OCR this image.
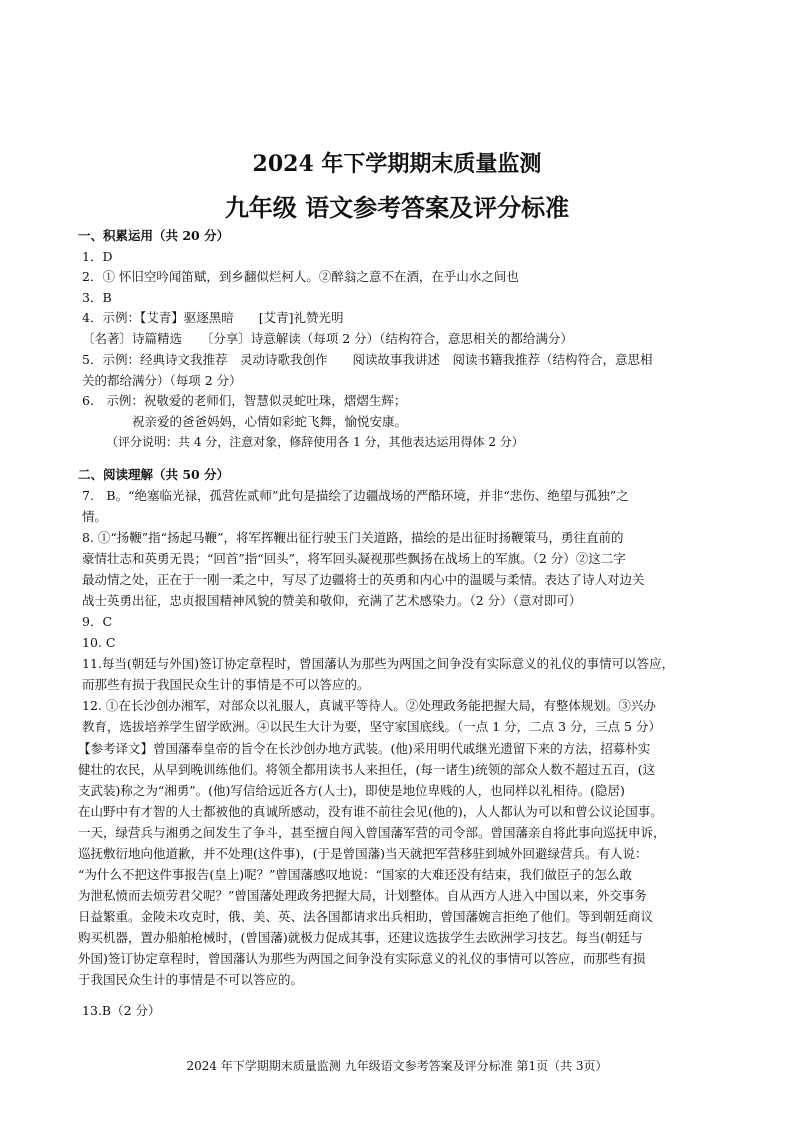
2024 年下学期期末质量监测
九年级 语文参考答案及评分标准
一、积累运用（共 20 分）
1．D
2．① 怀旧空吟闻笛赋，到乡翻似烂柯人。②醉翁之意不在酒，在乎山水之间也
3．B
4．示例：【艾青】驱逐黑暗　　[艾青]礼赞光明
〔名著〕诗篇精选　　〔分享〕诗意解读（每项 2 分）（结构符合，意思相关的都给满分）
5．示例：经典诗文我推荐　灵动诗歌我创作　　阅读故事我讲述　阅读书籍我推荐（结构符合，意思相
关的都给满分）（每项 2 分）
6.　示例：祝敬爱的老师们，智慧似灵蛇吐珠，熠熠生辉；
祝亲爱的爸爸妈妈，心情如彩蛇飞舞，愉悦安康。
（评分说明：共 4 分，注意对象，修辞使用各 1 分，其他表达运用得体 2 分）
二、阅读理解（共 50 分）
7.　B。“绝塞临光禄，孤营佐贰师”此句是描绘了边疆战场的严酷环境，并非“悲伤、绝望与孤独”之
情。
8. ①“扬鞭”指“扬起马鞭”，将军挥鞭出征行驶玉门关道路，描绘的是出征时扬鞭策马，勇往直前的
豪情壮志和英勇无畏；“回首”指“回头”，将军回头凝视那些飘扬在战场上的军旗。（2 分）②这二字
最动情之处，正在于一刚一柔之中，写尽了边疆将士的英勇和内心中的温暖与柔情。表达了诗人对边关
战士英勇出征，忠贞报国精神风貌的赞美和敬仰，充满了艺术感染力。（2 分）（意对即可）
9．C
10. C
11.每当(朝廷与外国)签订协定章程时，曾国藩认为那些为两国之间争没有实际意义的礼仪的事情可以答应，
而那些有损于我国民众生计的事情是不可以答应的。
12. ①在长沙创办湘军，对部众以礼服人，真诚平等待人。②处理政务能把握大局，有整体规划。③兴办
教育，选拔培养学生留学欧洲。④以民生大计为要，坚守家国底线。（一点 1 分，二点 3 分，三点 5 分）
【参考译文】曾国藩奉皇帝的旨令在长沙创办地方武装。(他)采用明代戚继光遗留下来的方法，招募朴实
健壮的农民，从早到晚训练他们。将领全都用读书人来担任，(每一诸生)统领的部众人数不超过五百，(这
支武装)称之为“湘勇”。(他)写信给远近各方(人士)，即使是地位卑贱的人，也同样以礼相待。(隐居)
在山野中有才智的人士都被他的真诚所感动，没有谁不前往会见(他的)，人人都认为可以和曾公议论国事。
一天，绿营兵与湘勇之间发生了争斗，甚至擅自闯入曾国藩军营的司令部。曾国藩亲自将此事向巡抚申诉，
巡抚敷衍地向他道歉，并不处理(这件事)，(于是曾国藩)当天就把军营移驻到城外回避绿营兵。有人说：
“为什么不把这件事报告(皇上)呢？”曾国藩感叹地说：“国家的大难还没有结束，我们做臣子的怎么敢
为泄私愤而去烦劳君父呢？”曾国藩处理政务把握大局，计划整体。自从西方人进入中国以来，外交事务
日益繁重。金陵未攻克时，俄、美、英、法各国都请求出兵相助，曾国藩婉言拒绝了他们。等到朝廷商议
购买机器，置办船舶枪械时，(曾国藩)就极力促成其事，还建议选拔学生去欧洲学习技艺。每当(朝廷与
外国)签订协定章程时，曾国藩认为那些为两国之间争没有实际意义的礼仪的事情可以答应，而那些有损
于我国民众生计的事情是不可以答应的。
13.B（2 分）
2024 年下学期期末质量监测 九年级语文参考答案及评分标准 第1页（共 3页）
